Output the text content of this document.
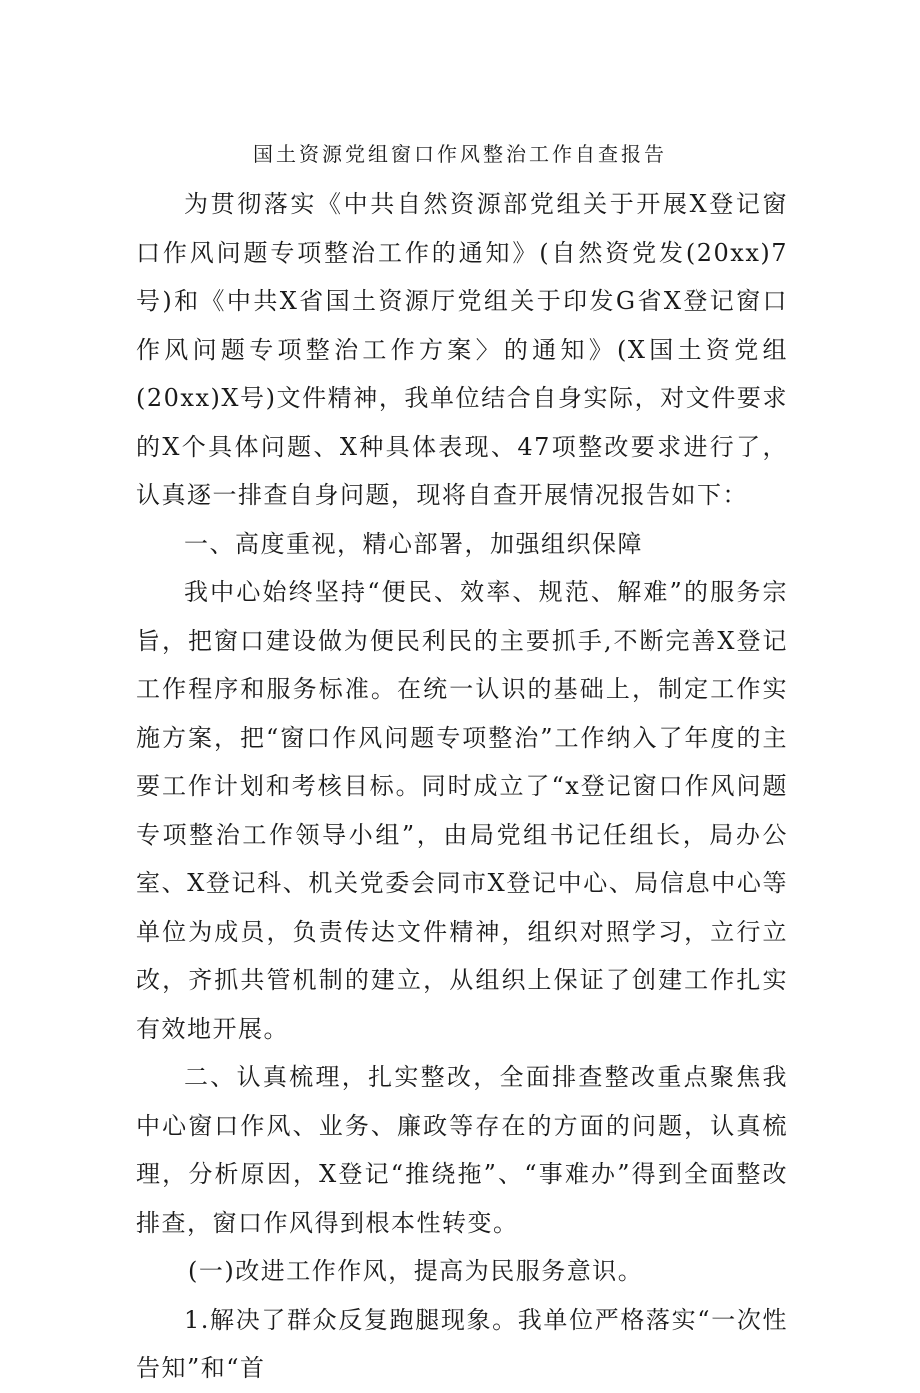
国土资源党组窗口作风整治工作自查报告

为贯彻落实《中共自然资源部党组关于开展X登记窗口作风问题专项整治工作的通知》(自然资党发(20xx)7号)和《中共X省国土资源厅党组关于印发G省X登记窗口作风问题专项整治工作方案〉的通知》(X国土资党组(20xx)X号)文件精神，我单位结合自身实际，对文件要求的X个具体问题、X种具体表现、47项整改要求进行了，认真逐一排查自身问题，现将自查开展情况报告如下：

一、高度重视，精心部署，加强组织保障

我中心始终坚持“便民、效率、规范、解难”的服务宗旨，把窗口建设做为便民利民的主要抓手,不断完善X登记工作程序和服务标准。在统一认识的基础上，制定工作实施方案，把“窗口作风问题专项整治”工作纳入了年度的主要工作计划和考核目标。同时成立了“x登记窗口作风问题专项整治工作领导小组”，由局党组书记任组长，局办公室、X登记科、机关党委会同市X登记中心、局信息中心等单位为成员，负责传达文件精神，组织对照学习，立行立改，齐抓共管机制的建立，从组织上保证了创建工作扎实有效地开展。

二、认真梳理，扎实整改，全面排查整改重点聚焦我中心窗口作风、业务、廉政等存在的方面的问题，认真梳理，分析原因，X登记“推绕拖”、“事难办”得到全面整改排查，窗口作风得到根本性转变。

(一)改进工作作风，提高为民服务意识。

1.解决了群众反复跑腿现象。我单位严格落实“一次性告知”和“首
